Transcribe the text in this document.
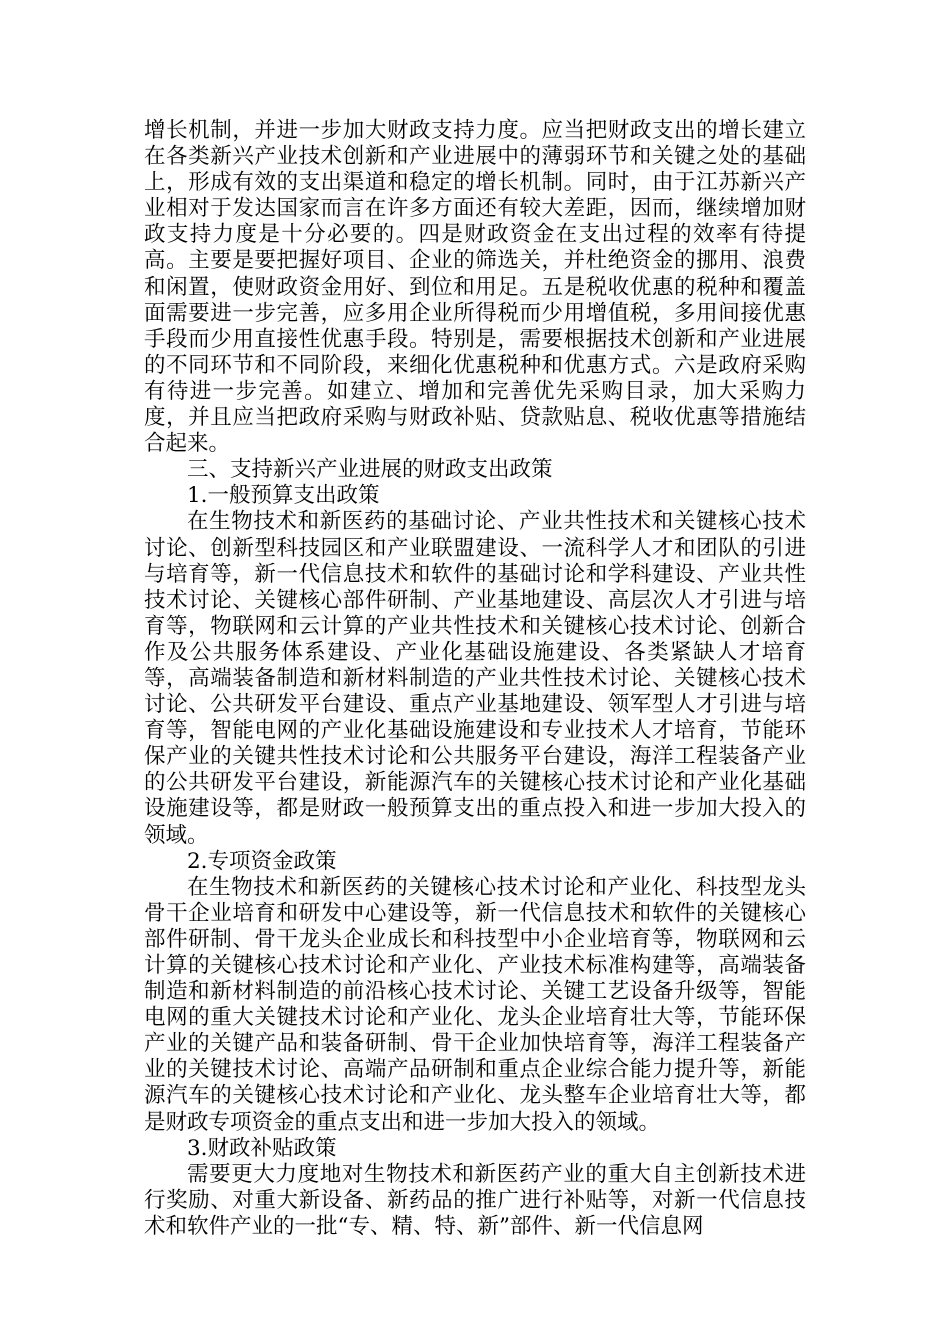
增长机制，并进一步加大财政支持力度。应当把财政支出的增长建立在各类新兴产业技术创新和产业进展中的薄弱环节和关键之处的基础上，形成有效的支出渠道和稳定的增长机制。同时，由于江苏新兴产业相对于发达国家而言在许多方面还有较大差距，因而，继续增加财政支持力度是十分必要的。四是财政资金在支出过程的效率有待提高。主要是要把握好项目、企业的筛选关，并杜绝资金的挪用、浪费和闲置，使财政资金用好、到位和用足。五是税收优惠的税种和覆盖面需要进一步完善，应多用企业所得税而少用增值税，多用间接优惠手段而少用直接性优惠手段。特别是，需要根据技术创新和产业进展的不同环节和不同阶段，来细化优惠税种和优惠方式。六是政府采购有待进一步完善。如建立、增加和完善优先采购目录，加大采购力度，并且应当把政府采购与财政补贴、贷款贴息、税收优惠等措施结合起来。

三、支持新兴产业进展的财政支出政策

1.一般预算支出政策

在生物技术和新医药的基础讨论、产业共性技术和关键核心技术讨论、创新型科技园区和产业联盟建设、一流科学人才和团队的引进与培育等，新一代信息技术和软件的基础讨论和学科建设、产业共性技术讨论、关键核心部件研制、产业基地建设、高层次人才引进与培育等，物联网和云计算的产业共性技术和关键核心技术讨论、创新合作及公共服务体系建设、产业化基础设施建设、各类紧缺人才培育等，高端装备制造和新材料制造的产业共性技术讨论、关键核心技术讨论、公共研发平台建设、重点产业基地建设、领军型人才引进与培育等，智能电网的产业化基础设施建设和专业技术人才培育，节能环保产业的关键共性技术讨论和公共服务平台建设，海洋工程装备产业的公共研发平台建设，新能源汽车的关键核心技术讨论和产业化基础设施建设等，都是财政一般预算支出的重点投入和进一步加大投入的领域。

2.专项资金政策

在生物技术和新医药的关键核心技术讨论和产业化、科技型龙头骨干企业培育和研发中心建设等，新一代信息技术和软件的关键核心部件研制、骨干龙头企业成长和科技型中小企业培育等，物联网和云计算的关键核心技术讨论和产业化、产业技术标准构建等，高端装备制造和新材料制造的前沿核心技术讨论、关键工艺设备升级等，智能电网的重大关键技术讨论和产业化、龙头企业培育壮大等，节能环保产业的关键产品和装备研制、骨干企业加快培育等，海洋工程装备产业的关键技术讨论、高端产品研制和重点企业综合能力提升等，新能源汽车的关键核心技术讨论和产业化、龙头整车企业培育壮大等，都是财政专项资金的重点支出和进一步加大投入的领域。

3.财政补贴政策

需要更大力度地对生物技术和新医药产业的重大自主创新技术进行奖励、对重大新设备、新药品的推广进行补贴等，对新一代信息技术和软件产业的一批“专、精、特、新”部件、新一代信息网
